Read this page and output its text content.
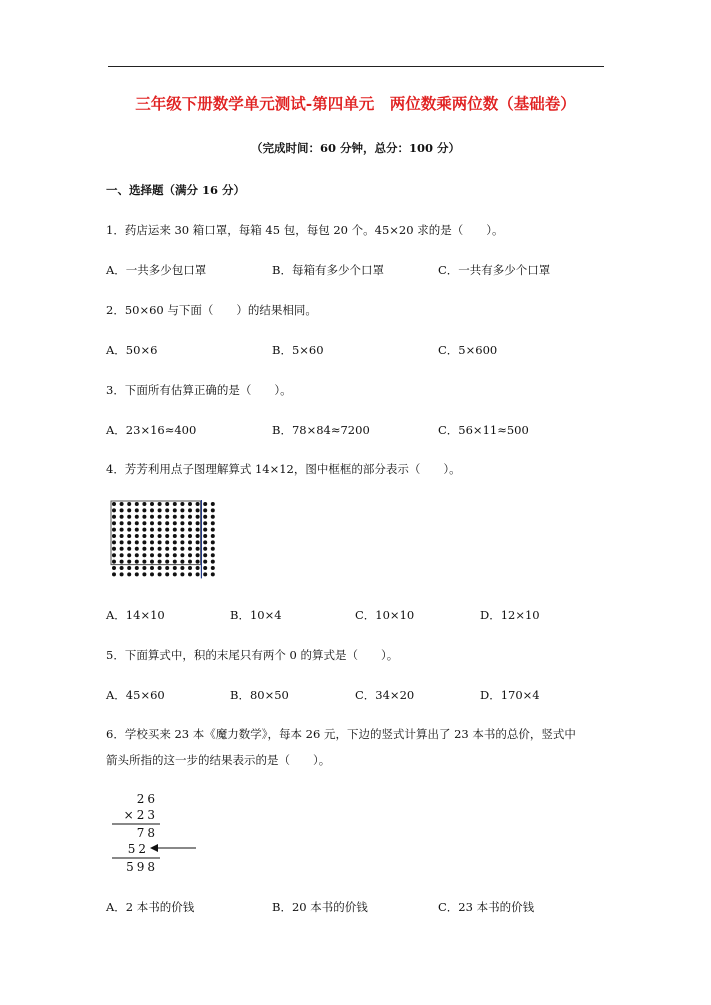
三年级下册数学单元测试-第四单元　两位数乘两位数（基础卷）
（完成时间：60 分钟，总分：100 分）
一、选择题（满分 16 分）
1．药店运来 30 箱口罩，每箱 45 包，每包 20 个。45×20 求的是（　　）。
A．一共多少包口罩	B．每箱有多少个口罩	C．一共有多少个口罩
2．50×60 与下面（　　）的结果相同。
A．50×6	B．5×60	C．5×600
3．下面所有估算正确的是（　　）。
A．23×16≈400	B．78×84≈7200	C．56×11≈500
4．芳芳利用点子图理解算式 14×12，图中框框的部分表示（　　）。
A．14×10	B．10×4	C．10×10	D．12×10
5．下面算式中，积的末尾只有两个 0 的算式是（　　）。
A．45×60	B．80×50	C．34×20	D．170×4
6．学校买来 23 本《魔力数学》，每本 26 元，下边的竖式计算出了 23 本书的总价，竖式中
箭头所指的这一步的结果表示的是（　　）。
26
×23
78
52
598
A．2 本书的价钱	B．20 本书的价钱	C．23 本书的价钱
